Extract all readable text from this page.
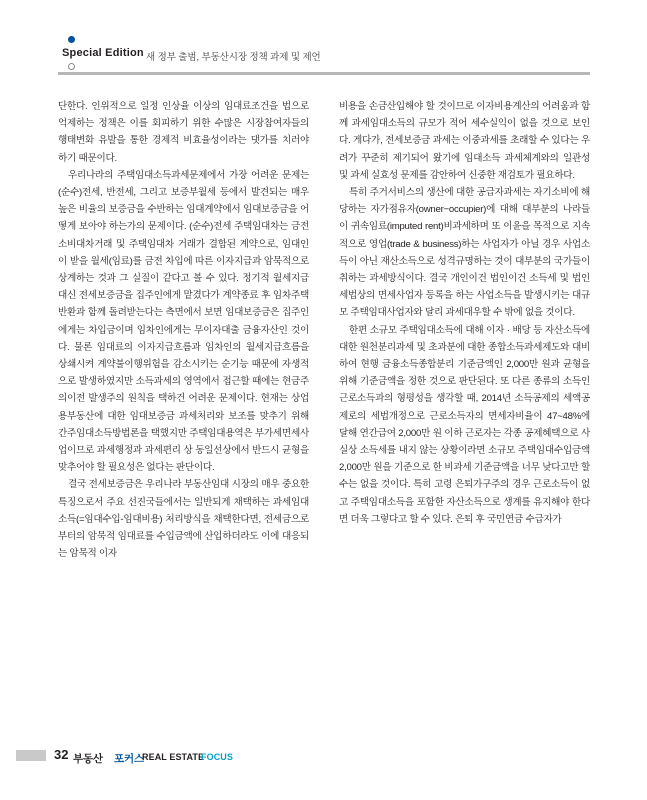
Special Edition 새 정부 출범, 부동산시장 정책 과제 및 제언

단한다. 인위적으로 일정 인상율 이상의 임대료조건을 법으로 억제하는 정책은 이를 회피하기 위한 수많은 시장참여자들의 행태변화 유발을 통한 경제적 비효율성이라는 댓가를 치러야 하기 때문이다.

우리나라의 주택임대소득과세문제에서 가장 어려운 문제는 (순수)전세, 반전세, 그리고 보증부월세 등에서 발견되는 매우 높은 비율의 보증금을 수반하는 임대계약에서 임대보증금을 어떻게 보아야 하는가의 문제이다. (순수)전세 주택임대차는 금전소비대차거래 및 주택임대차 거래가 결합된 계약으로, 임대인이 받을 월세(임료)를 금전 차입에 따른 이자지급과 암묵적으로 상계하는 것과 그 실질이 같다고 볼 수 있다. 정기적 월세지급 대신 전세보증금을 집주인에게 맡겼다가 계약종료 후 임차주택반환과 함께 돌려받는다는 측면에서 보면 임대보증금은 집주인에게는 차입금이며 임차인에게는 무이자대출 금융자산인 것이다. 물론 임대료의 이자지급흐름과 임차인의 월세지급흐름을 상쇄시켜 계약불이행위험을 감소시키는 순기능 때문에 자생적으로 발생하였지만 소득과세의 영역에서 접근할 때에는 현금주의이전 발생주의 원칙을 택하건 어려운 문제이다. 현재는 상업용부동산에 대한 임대보증금 과세처리와 보조를 맞추기 위해 간주임대소득방법론을 택했지만 주택임대용역은 부가세면세사업이므로 과세행정과 과세편리 상 동일선상에서 반드시 균형을 맞추어야 할 필요성은 없다는 판단이다.

결국 전세보증금은 우리나라 부동산임대 시장의 매우 중요한 특징으로서 주요 선진국들에서는 일반되게 채택하는 과세임대소득(=임대수입-임대비용) 처리방식을 채택한다면, 전세금으로부터의 암묵적 임대료를 수입금액에 산입하더라도 이에 대응되는 암묵적 이자

비용을 손금산입해야 할 것이므로 이자비용계산의 어려움과 함께 과세임대소득의 규모가 적어 세수실익이 없을 것으로 보인다. 게다가, 전세보증금 과세는 이중과세를 초래할 수 있다는 우려가 꾸준히 제기되어 왔기에 임대소득 과세체계와의 일관성 및 과세 실효성 문제를 감안하여 신중한 재검토가 필요하다.

특히 주거서비스의 생산에 대한 공급자과세는 자기소비에 해당하는 자가점유자(owner−occupier)에 대해 대부분의 나라들이 귀속임료(imputed rent)비과세하며 또 이윤을 목적으로 지속적으로 영업(trade & business)하는 사업자가 아닐 경우 사업소득이 아닌 재산소득으로 성격규명하는 것이 대부분의 국가들이 취하는 과세방식이다. 결국 개인이건 법인이건 소득세 및 법인세법상의 면세사업자 등록을 하는 사업소득을 발생시키는 대규모 주택임대사업자와 달리 과세대우할 수 밖에 없을 것이다.

한편 소규모 주택임대소득에 대해 이자 · 배당 등 자산소득에 대한 원천분리과세 및 초과분에 대한 종합소득과세제도와 대비하여 현행 금융소득종합분리 기준금액인 2,000만 원과 균형을 위해 기준금액을 정한 것으로 판단된다. 또 다른 종류의 소득인 근로소득과의 형평성을 생각할 때, 2014년 소득공제의 세액공제로의 세법개정으로 근로소득자의 면세자비율이 47~48%에 달해 연간급여 2,000만 원 이하 근로자는 각종 공제혜택으로 사실상 소득세를 내지 않는 상황이라면 소규모 주택임대수입금액 2,000만 원을 기준으로 한 비과세 기준금액을 너무 낮다고만 할 수는 없을 것이다. 특히 고령 은퇴가구주의 경우 근로소득이 없고 주택임대소득을 포함한 자산소득으로 생계를 유지해야 한다면 더욱 그렇다고 할 수 있다. 은퇴 후 국민연금 수급자가

32 부동산 포커스
REAL ESTATE
FOCUS
